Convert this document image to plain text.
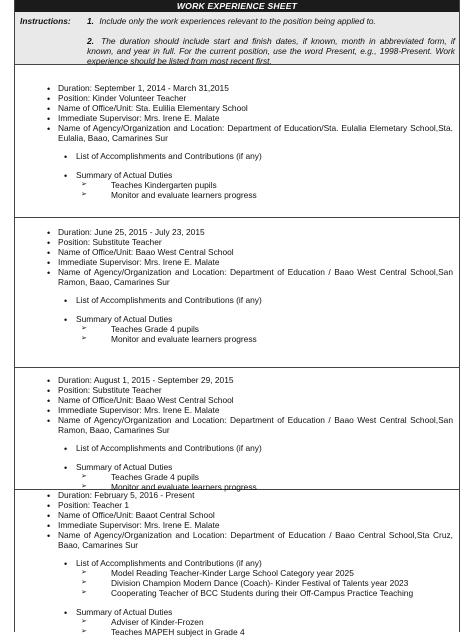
WORK EXPERIENCE SHEET
Instructions: 1. Include only the work experiences relevant to the position being applied to.
2. The duration should include start and finish dates, if known, month in abbreviated form, if known, and year in full. For the current position, use the word Present, e.g., 1998-Present. Work experience should be listed from most recent first.
• Duration: September 1, 2014 - March 31,2015
• Position: Kinder Volunteer Teacher
• Name of Office/Unit: Sta. Eulilia Elementary School
• Immediate Supervisor: Mrs. Irene E. Malate
• Name of Agency/Organization and Location: Department of Education/Sta. Eulalia Elemetary School,Sta. Eulalia, Baao, Camarines Sur
• List of Accomplishments and Contributions (if any)
• Summary of Actual Duties
➢ Teaches Kindergarten pupils
➢ Monitor and evaluate learners progress
• Duration: June 25, 2015 - July 23, 2015
• Position: Substitute Teacher
• Name of Office/Unit: Baao West Central School
• Immediate Supervisor: Mrs. Irene E. Malate
• Name of Agency/Organization and Location: Department of Education / Baao West Central School,San Ramon, Baao, Camarines Sur
• List of Accomplishments and Contributions (if any)
• Summary of Actual Duties
➢ Teaches Grade 4 pupils
➢ Monitor and evaluate learners progress
• Duration: August 1, 2015 - September 29, 2015
• Position: Substitute Teacher
• Name of Office/Unit: Baao West Central School
• Immediate Supervisor: Mrs. Irene E. Malate
• Name of Agency/Organization and Location: Department of Education / Baao West Central School,San Ramon, Baao, Camarines Sur
• List of Accomplishments and Contributions (if any)
• Summary of Actual Duties
➢ Teaches Grade 4 pupils
➢ Monitor and evaluate learners progress
• Duration: February 5, 2016 - Present
• Position: Teacher 1
• Name of Office/Unit: Baaot Central School
• Immediate Supervisor: Mrs. Irene E. Malate
• Name of Agency/Organization and Location: Department of Education / Baao Central School,Sta Cruz, Baao, Camarines Sur
• List of Accomplishments and Contributions (if any)
➢ Model Reading Teacher-Kinder Large School Category year 2025
➢ Division Champion Modern Dance (Coach)- Kinder Festival of Talents year 2023
➢ Cooperating Teacher of BCC Students during their Off-Campus Practice Teaching
• Summary of Actual Duties
➢ Adviser of Kinder-Frozen
➢ Teaches MAPEH subject in Grade 4
